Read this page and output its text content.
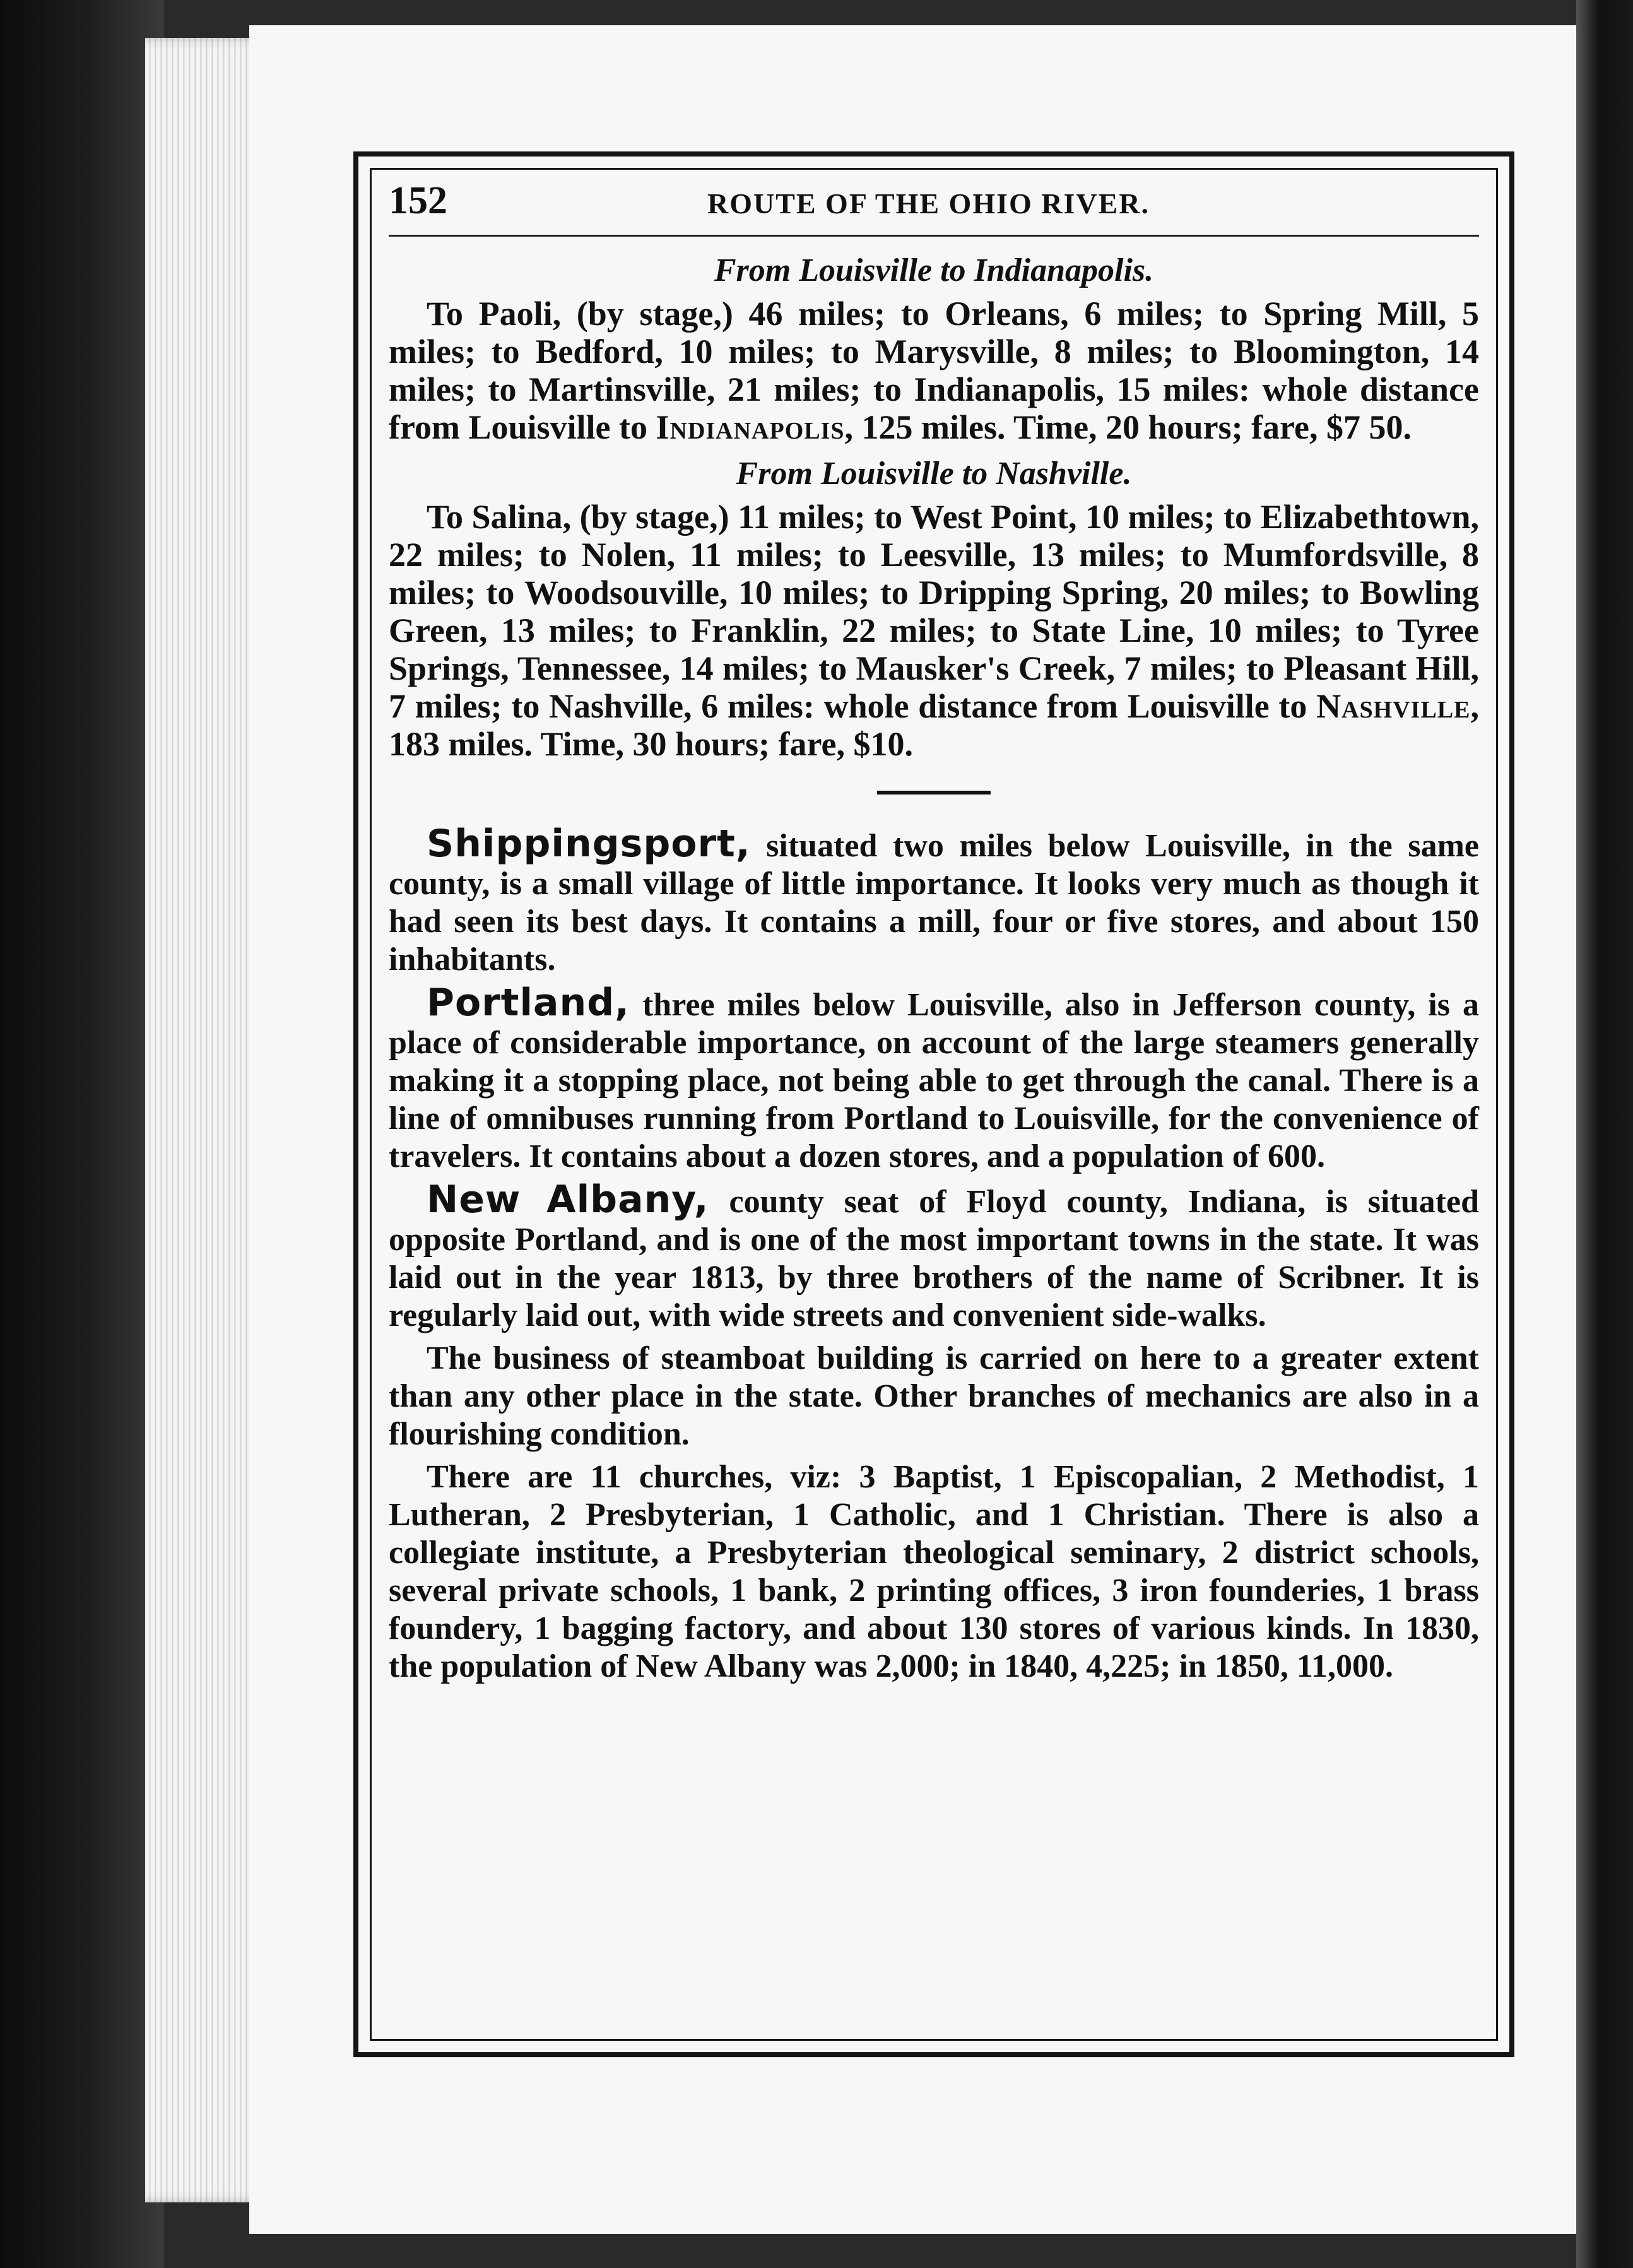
152	ROUTE OF THE OHIO RIVER.
From Louisville to Indianapolis.

To Paoli, (by stage,) 46 miles; to Orleans, 6 miles; to Spring Mill, 5 miles; to Bedford, 10 miles; to Marysville, 8 miles; to Bloomington, 14 miles; to Martinsville, 21 miles; to Indianapolis, 15 miles: whole distance from Louisville to Indianapolis, 125 miles. Time, 20 hours; fare, $7 50.

From Louisville to Nashville.

To Salina, (by stage,) 11 miles; to West Point, 10 miles; to Elizabethtown, 22 miles; to Nolen, 11 miles; to Leesville, 13 miles; to Mumfordsville, 8 miles; to Woodsouville, 10 miles; to Dripping Spring, 20 miles; to Bowling Green, 13 miles; to Franklin, 22 miles; to State Line, 10 miles; to Tyree Springs, Tennessee, 14 miles; to Mausker's Creek, 7 miles; to Pleasant Hill, 7 miles; to Nashville, 6 miles: whole distance from Louisville to Nashville, 183 miles. Time, 30 hours; fare, $10.

Shippingsport, situated two miles below Louisville, in the same county, is a small village of little importance. It looks very much as though it had seen its best days. It contains a mill, four or five stores, and about 150 inhabitants.

Portland, three miles below Louisville, also in Jefferson county, is a place of considerable importance, on account of the large steamers generally making it a stopping place, not being able to get through the canal. There is a line of omnibuses running from Portland to Louisville, for the convenience of travelers. It contains about a dozen stores, and a population of 600.

New Albany, county seat of Floyd county, Indiana, is situated opposite Portland, and is one of the most important towns in the state. It was laid out in the year 1813, by three brothers of the name of Scribner. It is regularly laid out, with wide streets and convenient side-walks.

The business of steamboat building is carried on here to a greater extent than any other place in the state. Other branches of mechanics are also in a flourishing condition.

There are 11 churches, viz: 3 Baptist, 1 Episcopalian, 2 Methodist, 1 Lutheran, 2 Presbyterian, 1 Catholic, and 1 Christian. There is also a collegiate institute, a Presbyterian theological seminary, 2 district schools, several private schools, 1 bank, 2 printing offices, 3 iron founderies, 1 brass foundery, 1 bagging factory, and about 130 stores of various kinds. In 1830, the population of New Albany was 2,000; in 1840, 4,225; in 1850, 11,000.
